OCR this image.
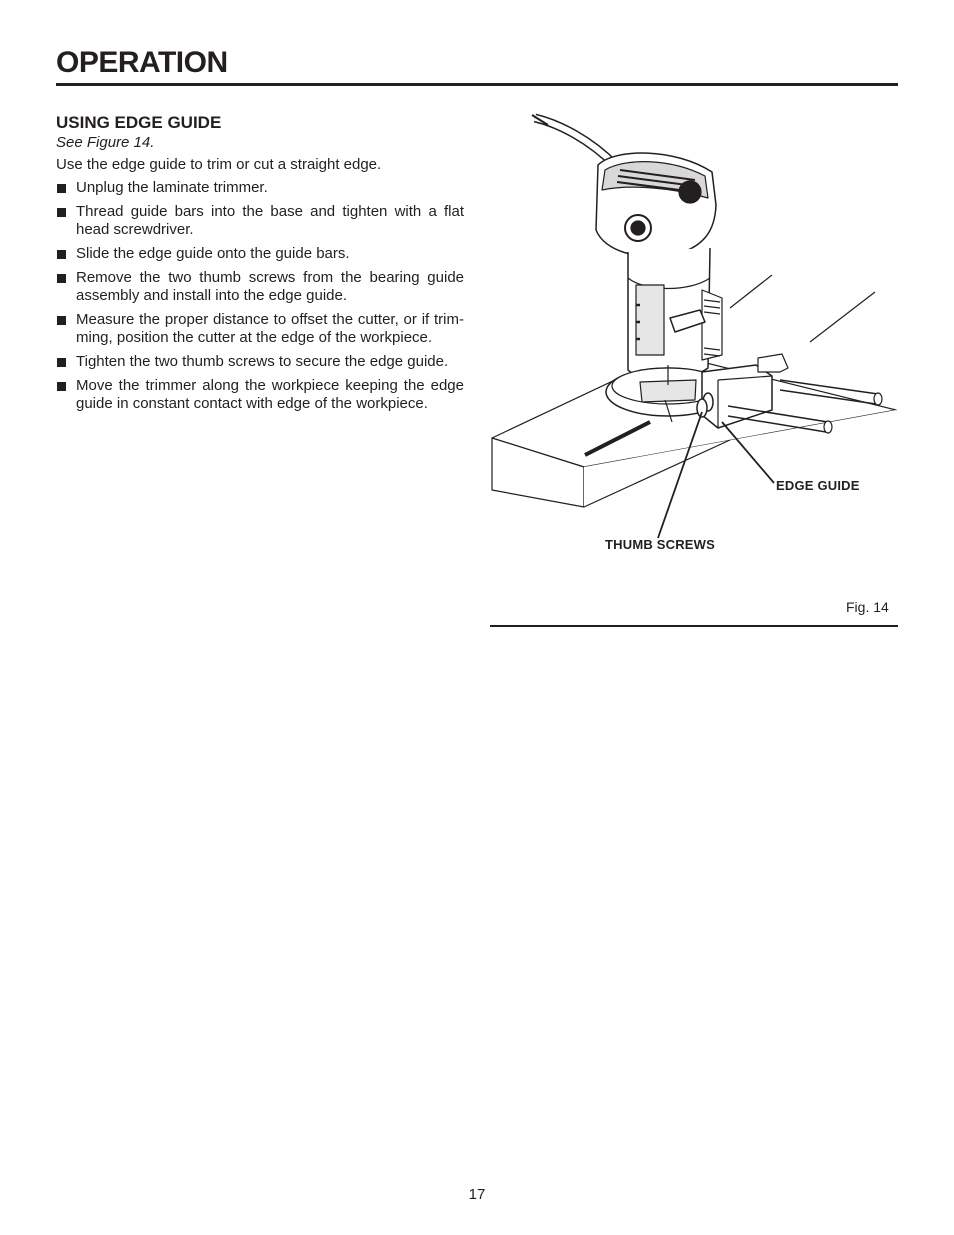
OPERATION
USING EDGE GUIDE

See Figure 14.

Use the edge guide to trim or cut a straight edge.

Unplug the laminate trimmer.
Thread guide bars into the base and tighten with a flat head screwdriver.
Slide the edge guide onto the guide bars.
Remove the two thumb screws from the bearing guide assembly and install into the edge guide.
Measure the proper distance to offset the cutter, or if trim-ming, position the cutter at the edge of the workpiece.
Tighten the two thumb screws to secure the edge guide.
Move the trimmer along the workpiece keeping the edge guide in constant contact with edge of the workpiece.
EDGE GUIDE
THUMB SCREWS
Fig. 14
17
